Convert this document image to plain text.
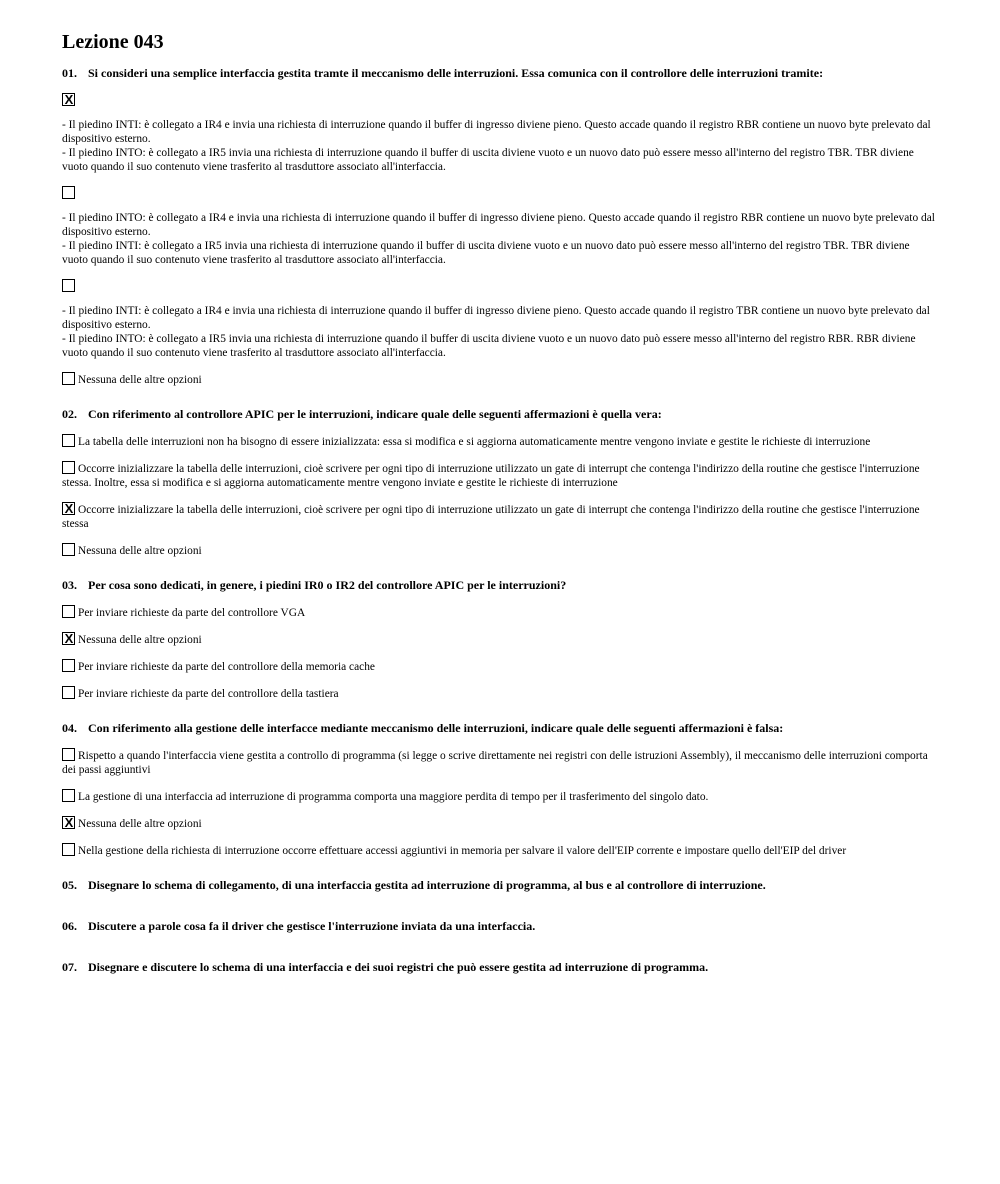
Lezione 043
01. Si consideri una semplice interfaccia gestita tramte il meccanismo delle interruzioni. Essa comunica con il controllore delle interruzioni tramite:
X
- Il piedino INTI: è collegato a IR4 e invia una richiesta di interruzione quando il buffer di ingresso diviene pieno. Questo accade quando il registro RBR contiene un nuovo byte prelevato dal dispositivo esterno.
- Il piedino INTO: è collegato a IR5 invia una richiesta di interruzione quando il buffer di uscita diviene vuoto e un nuovo dato può essere messo all'interno del registro TBR. TBR diviene vuoto quando il suo contenuto viene trasferito al trasduttore associato all'interfaccia.
- Il piedino INTO: è collegato a IR4 e invia una richiesta di interruzione quando il buffer di ingresso diviene pieno. Questo accade quando il registro RBR contiene un nuovo byte prelevato dal dispositivo esterno.
- Il piedino INTI: è collegato a IR5 invia una richiesta di interruzione quando il buffer di uscita diviene vuoto e un nuovo dato può essere messo all'interno del registro TBR. TBR diviene vuoto quando il suo contenuto viene trasferito al trasduttore associato all'interfaccia.
- Il piedino INTI: è collegato a IR4 e invia una richiesta di interruzione quando il buffer di ingresso diviene pieno. Questo accade quando il registro TBR contiene un nuovo byte prelevato dal dispositivo esterno.
- Il piedino INTO: è collegato a IR5 invia una richiesta di interruzione quando il buffer di uscita diviene vuoto e un nuovo dato può essere messo all'interno del registro RBR. RBR diviene vuoto quando il suo contenuto viene trasferito al trasduttore associato all'interfaccia.
Nessuna delle altre opzioni
02. Con riferimento al controllore APIC per le interruzioni, indicare quale delle seguenti affermazioni è quella vera:
La tabella delle interruzioni non ha bisogno di essere inizializzata: essa si modifica e si aggiorna automaticamente mentre vengono inviate e gestite le richieste di interruzione
Occorre inizializzare la tabella delle interruzioni, cioè scrivere per ogni tipo di interruzione utilizzato un gate di interrupt che contenga l'indirizzo della routine che gestisce l'interruzione stessa. Inoltre, essa si modifica e si aggiorna automaticamente mentre vengono inviate e gestite le richieste di interruzione
X Occorre inizializzare la tabella delle interruzioni, cioè scrivere per ogni tipo di interruzione utilizzato un gate di interrupt che contenga l'indirizzo della routine che gestisce l'interruzione stessa
Nessuna delle altre opzioni
03. Per cosa sono dedicati, in genere, i piedini IR0 o IR2 del controllore APIC per le interruzioni?
Per inviare richieste da parte del controllore VGA
X Nessuna delle altre opzioni
Per inviare richieste da parte del controllore della memoria cache
Per inviare richieste da parte del controllore della tastiera
04. Con riferimento alla gestione delle interfacce mediante meccanismo delle interruzioni, indicare quale delle seguenti affermazioni è falsa:
Rispetto a quando l'interfaccia viene gestita a controllo di programma (si legge o scrive direttamente nei registri con delle istruzioni Assembly), il meccanismo delle interruzioni comporta dei passi aggiuntivi
La gestione di una interfaccia ad interruzione di programma comporta una maggiore perdita di tempo per il trasferimento del singolo dato.
X Nessuna delle altre opzioni
Nella gestione della richiesta di interruzione occorre effettuare accessi aggiuntivi in memoria per salvare il valore dell'EIP corrente e impostare quello dell'EIP del driver
05. Disegnare lo schema di collegamento, di una interfaccia gestita ad interruzione di programma, al bus e al controllore di interruzione.
06. Discutere a parole cosa fa il driver che gestisce l'interruzione inviata da una interfaccia.
07. Disegnare e discutere lo schema di una interfaccia e dei suoi registri che può essere gestita ad interruzione di programma.
